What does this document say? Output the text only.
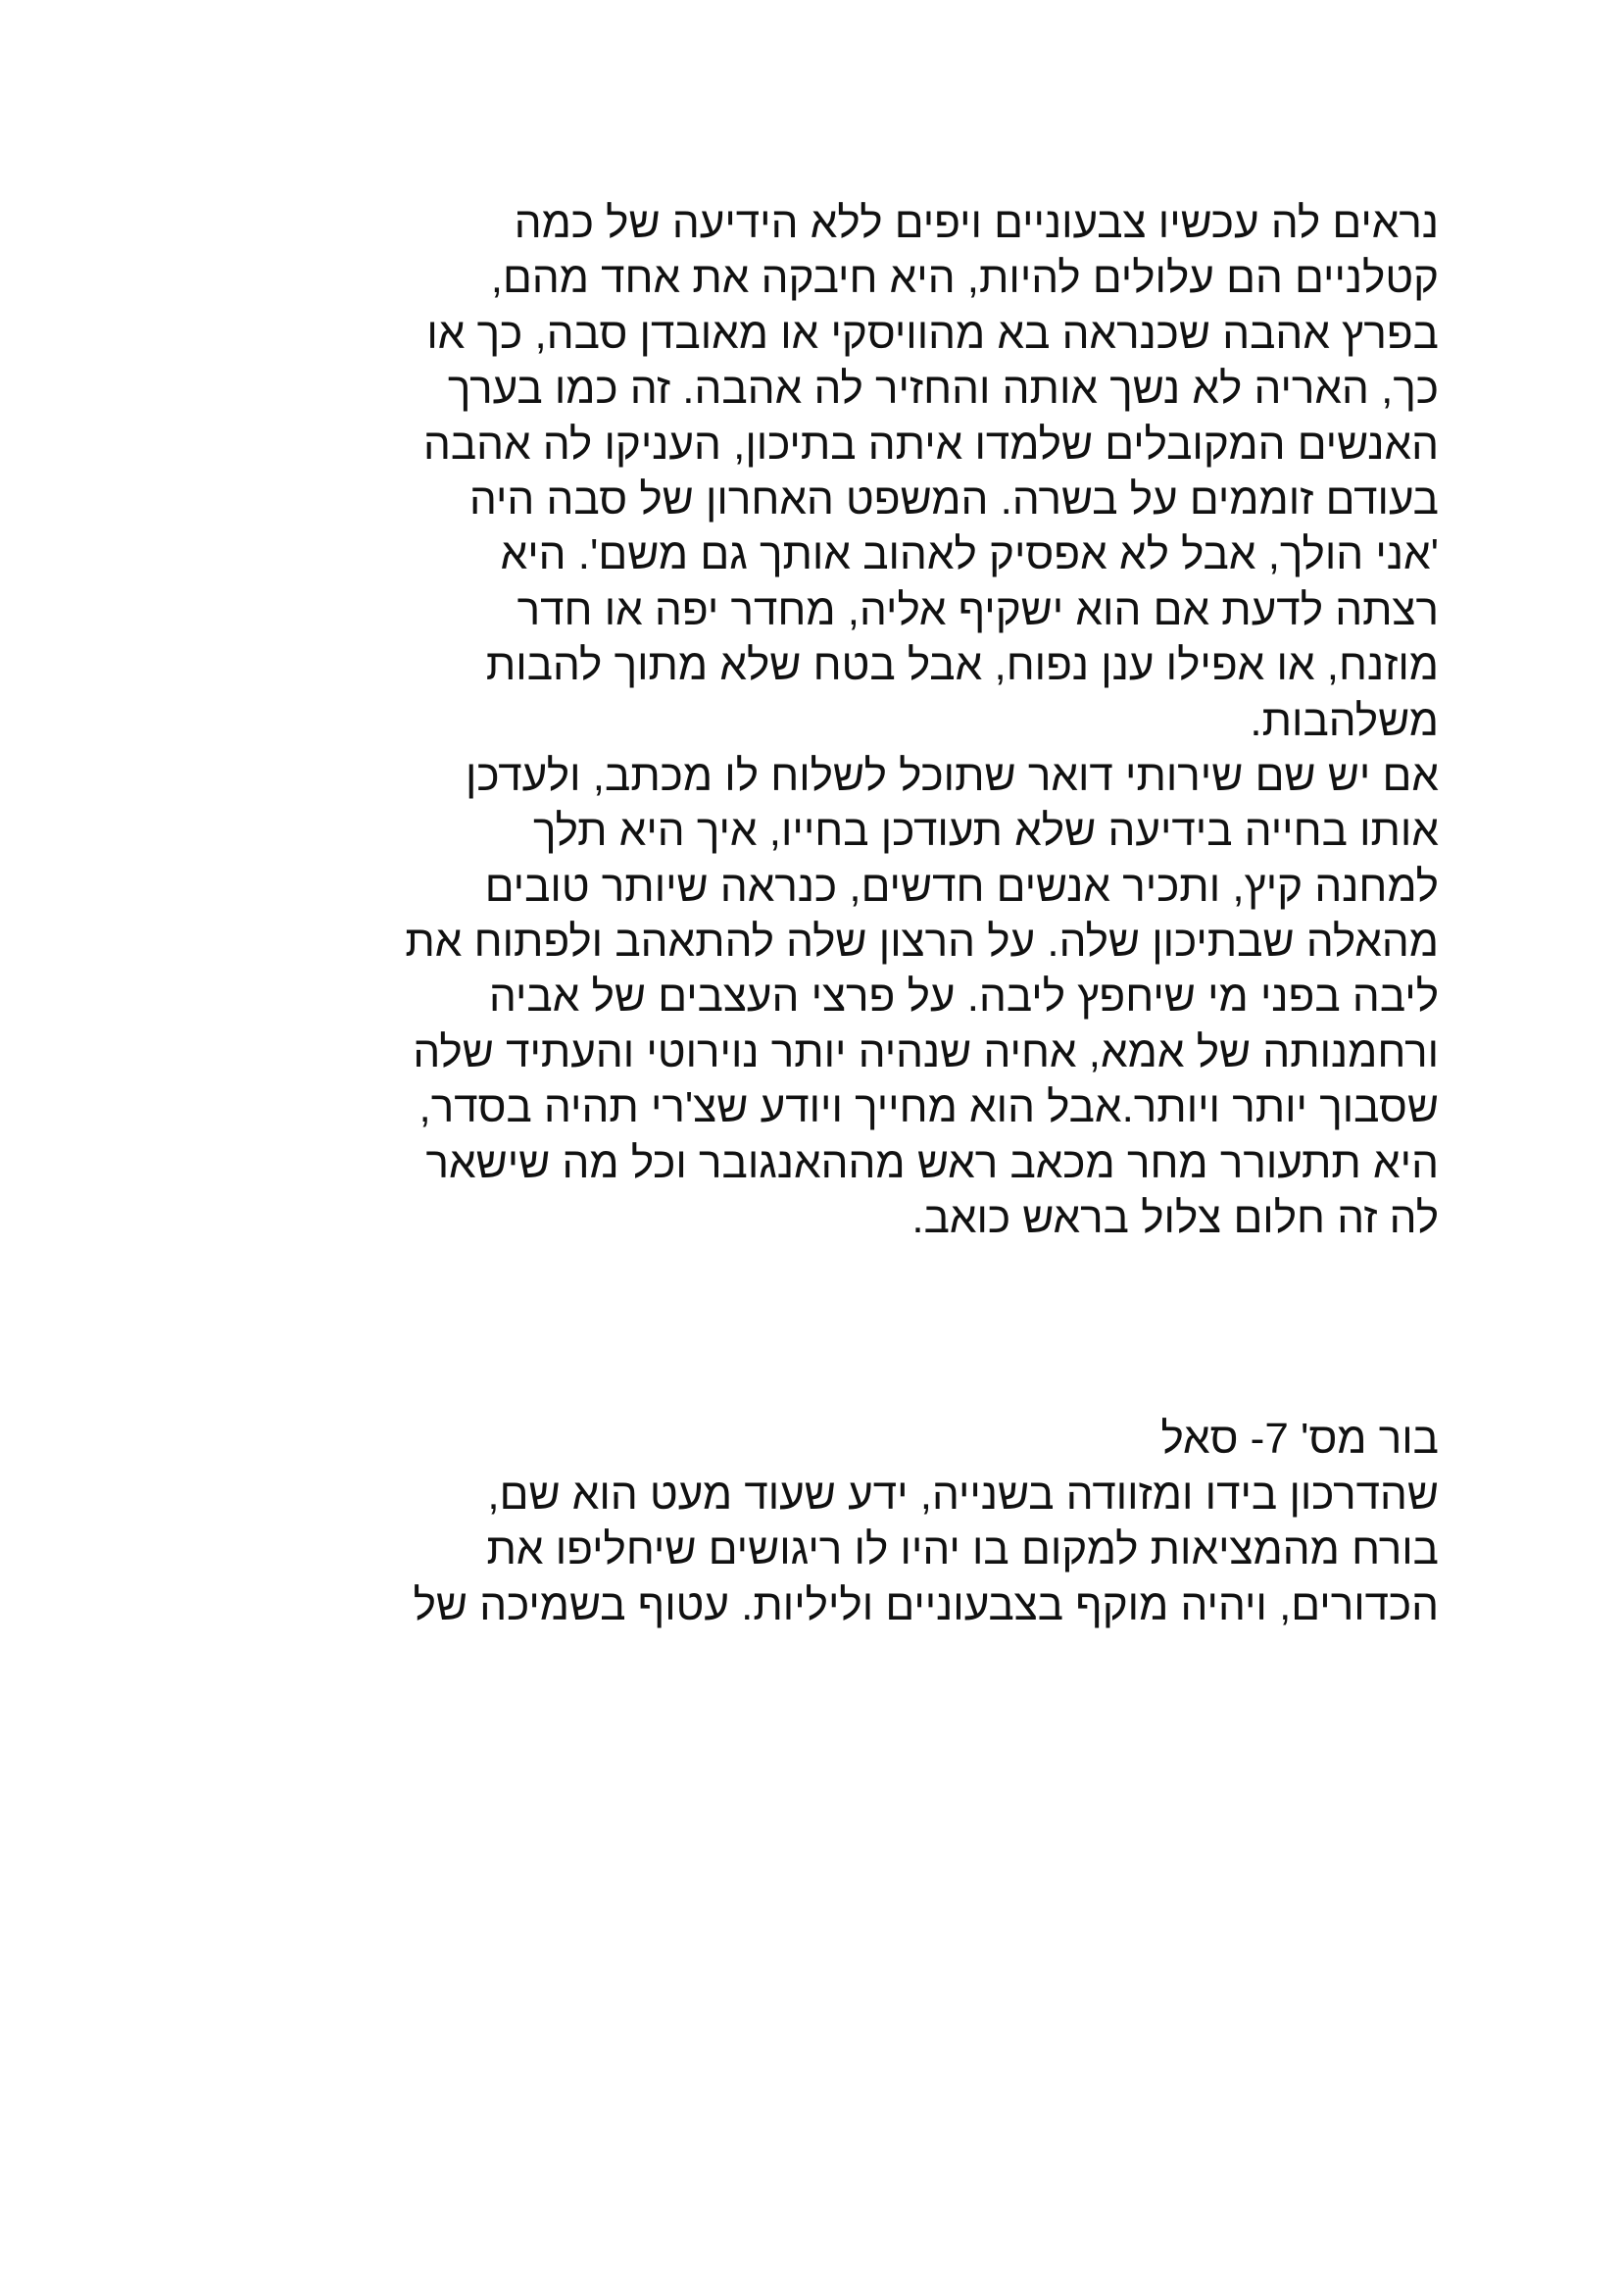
נראים לה עכשיו צבעוניים ויפים ללא הידיעה של כמה
קטלניים הם עלולים להיות, היא חיבקה את אחד מהם,
בפרץ אהבה שכנראה בא מהוויסקי או מאובדן סבה, כך או
כך, האריה לא נשך אותה והחזיר לה אהבה. זה כמו בערך
האנשים המקובלים שלמדו איתה בתיכון, העניקו לה אהבה
בעודם זוממים על בשרה. המשפט האחרון של סבה היה
'אני הולך, אבל לא אפסיק לאהוב אותך גם משם'. היא
רצתה לדעת אם הוא ישקיף אליה, מחדר יפה או חדר
מוזנח, או אפילו ענן נפוח, אבל בטח שלא מתוך להבות
משלהבות.
אם יש שם שירותי דואר שתוכל לשלוח לו מכתב, ולעדכן
אותו בחייה בידיעה שלא תעודכן בחייו, איך היא תלך
למחנה קיץ, ותכיר אנשים חדשים, כנראה שיותר טובים
מהאלה שבתיכון שלה. על הרצון שלה להתאהב ולפתוח את
ליבה בפני מי שיחפץ ליבה. על פרצי העצבים של אביה
ורחמנותה של אמא, אחיה שנהיה יותר נוירוטי והעתיד שלה
שסבוך יותר ויותר.אבל הוא מחייך ויודע שצ'רי תהיה בסדר,
היא תתעורר מחר מכאב ראש מההאנגובר וכל מה שישאר
לה זה חלום צלול בראש כואב.
בור מס' 7- סאל
שהדרכון בידו ומזוודה בשנייה, ידע שעוד מעט הוא שם,
בורח מהמציאות למקום בו יהיו לו ריגושים שיחליפו את
הכדורים, ויהיה מוקף בצבעוניים וליליות. עטוף בשמיכה של
